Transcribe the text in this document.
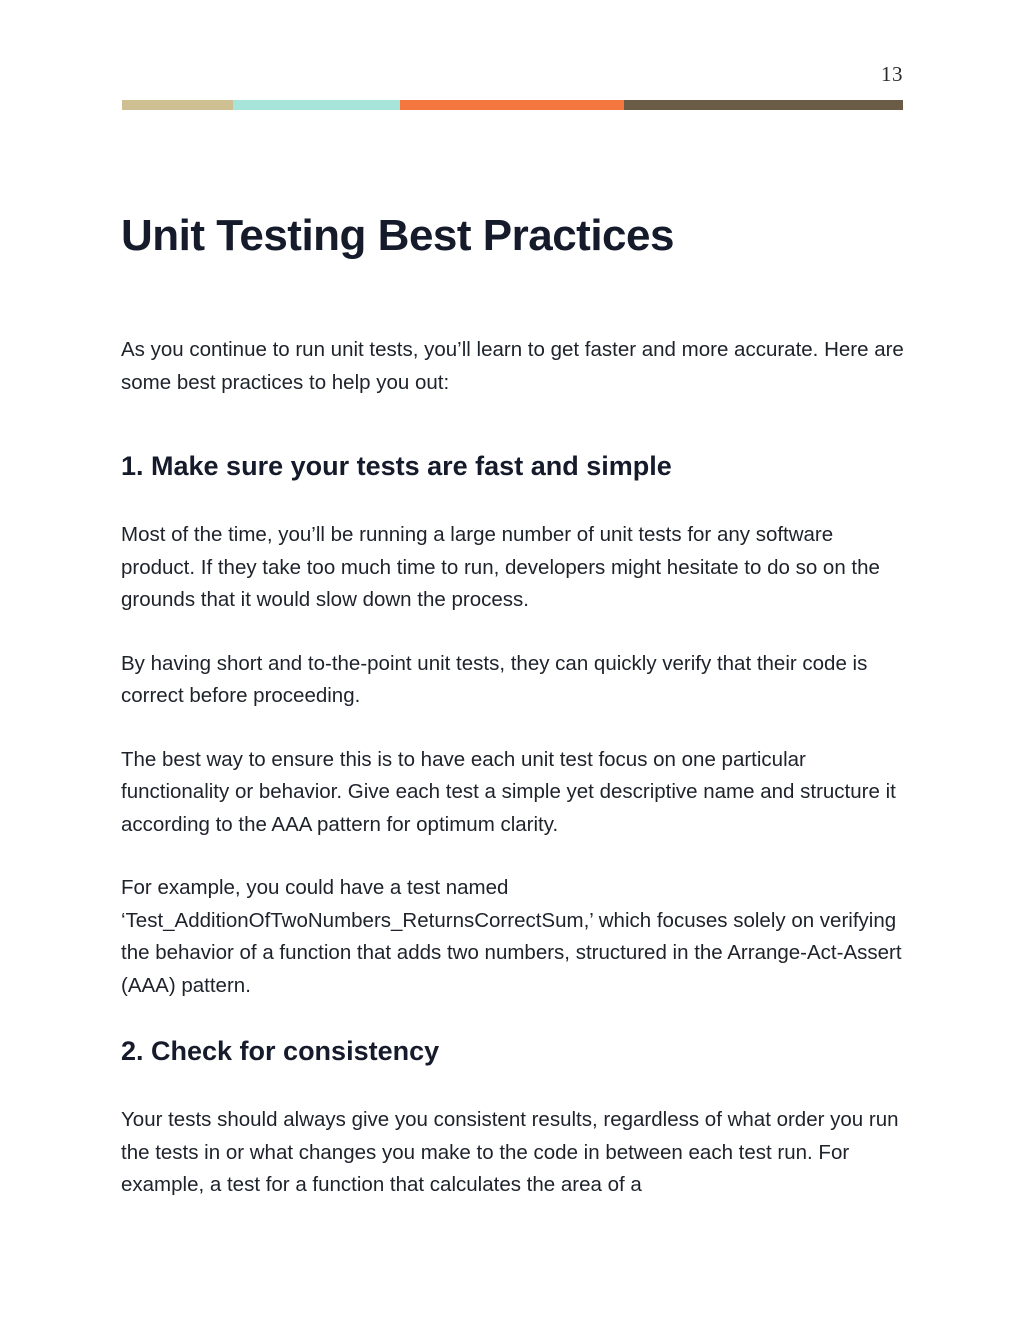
13
Unit Testing Best Practices

As you continue to run unit tests, you’ll learn to get faster and more accurate. Here are some best practices to help you out:

1. Make sure your tests are fast and simple

Most of the time, you’ll be running a large number of unit tests for any software product. If they take too much time to run, developers might hesitate to do so on the grounds that it would slow down the process.

By having short and to-the-point unit tests, they can quickly verify that their code is correct before proceeding.

The best way to ensure this is to have each unit test focus on one particular functionality or behavior. Give each test a simple yet descriptive name and structure it according to the AAA pattern for optimum clarity.

For example, you could have a test named ‘Test_AdditionOfTwoNumbers_ReturnsCorrectSum,’ which focuses solely on verifying the behavior of a function that adds two numbers, structured in the Arrange-Act-Assert (AAA) pattern.

2. Check for consistency

Your tests should always give you consistent results, regardless of what order you run the tests in or what changes you make to the code in between each test run. For example, a test for a function that calculates the area of a
